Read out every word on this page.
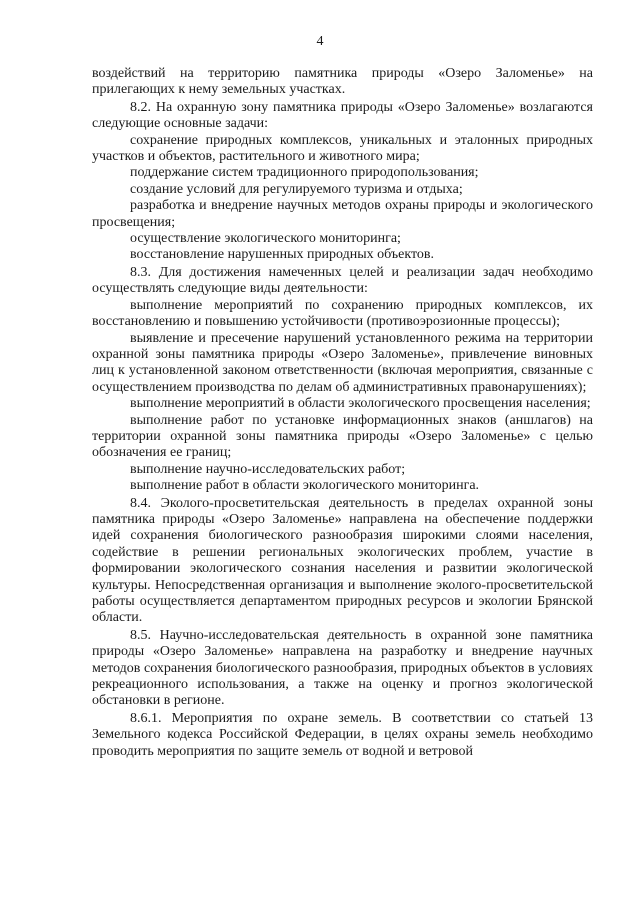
4

воздействий на территорию памятника природы «Озеро Заломенье» на прилегающих к нему земельных участках.

8.2. На охранную зону памятника природы «Озеро Заломенье» возлагаются следующие основные задачи:

сохранение природных комплексов, уникальных и эталонных природных участков и объектов, растительного и животного мира;

поддержание систем традиционного природопользования;

создание условий для регулируемого туризма и отдыха;

разработка и внедрение научных методов охраны природы и экологического просвещения;

осуществление экологического мониторинга;

восстановление нарушенных природных объектов.

8.3. Для достижения намеченных целей и реализации задач необходимо осуществлять следующие виды деятельности:

выполнение мероприятий по сохранению природных комплексов, их восстановлению и повышению устойчивости (противоэрозионные процессы);

выявление и пресечение нарушений установленного режима на территории охранной зоны памятника природы «Озеро Заломенье», привлечение виновных лиц к установленной законом ответственности (включая мероприятия, связанные с осуществлением производства по делам об административных правонарушениях);

выполнение мероприятий в области экологического просвещения населения;

выполнение работ по установке информационных знаков (аншлагов) на территории охранной зоны памятника природы «Озеро Заломенье» с целью обозначения ее границ;

выполнение научно-исследовательских работ;

выполнение работ в области экологического мониторинга.

8.4. Эколого-просветительская деятельность в пределах охранной зоны памятника природы «Озеро Заломенье» направлена на обеспечение поддержки идей сохранения биологического разнообразия широкими слоями населения, содействие в решении региональных экологических проблем, участие в формировании экологического сознания населения и развитии экологической культуры. Непосредственная организация и выполнение эколого-просветительской работы осуществляется департаментом природных ресурсов и экологии Брянской области.

8.5. Научно-исследовательская деятельность в охранной зоне памятника природы «Озеро Заломенье» направлена на разработку и внедрение научных методов сохранения биологического разнообразия, природных объектов в условиях рекреационного использования, а также на оценку и прогноз экологической обстановки в регионе.

8.6.1. Мероприятия по охране земель. В соответствии со статьей 13 Земельного кодекса Российской Федерации, в целях охраны земель необходимо проводить мероприятия по защите земель от водной и ветровой
